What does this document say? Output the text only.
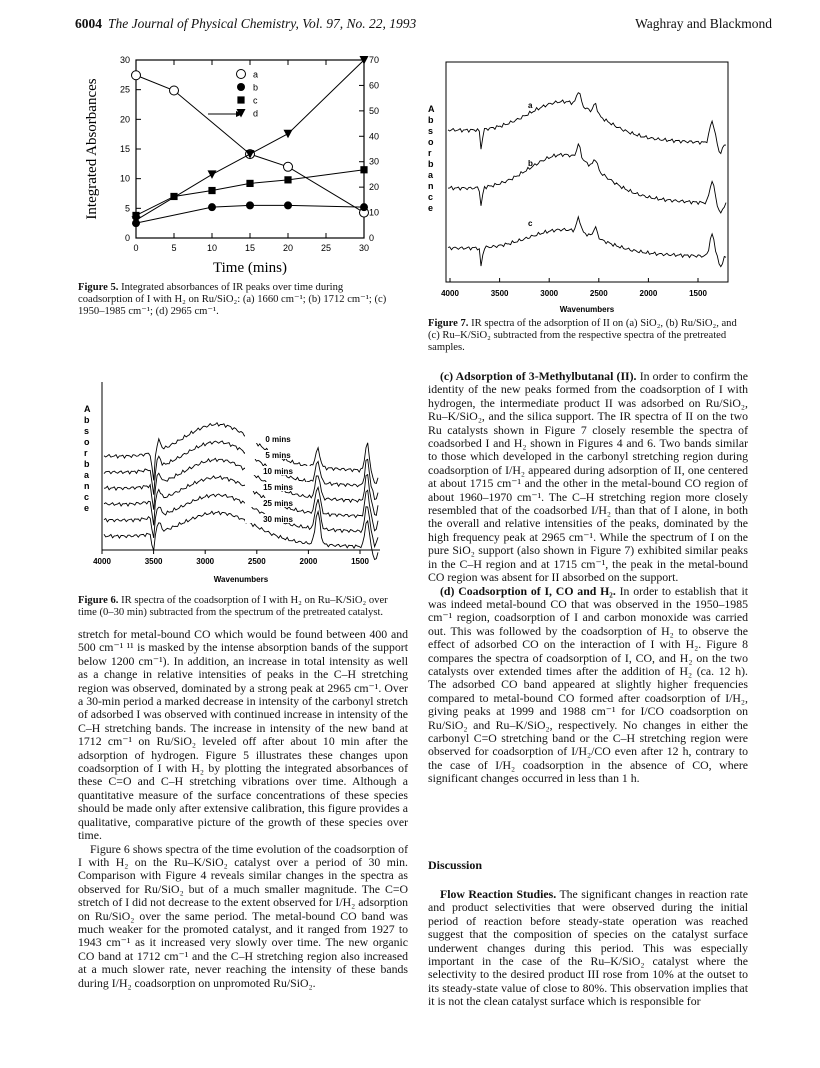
6004 The Journal of Physical Chemistry, Vol. 97, No. 22, 1993	Waghray and Blackmond
0	5	10	15	20	25	30
0
5
10
15
20
25
30
0
10
20
30
40
50
60
70
Time (mins)
Integrated Absorbances
a
b
c
d
Figure 5. Integrated absorbances of IR peaks over time during coadsorption of I with H₂ on Ru/SiO₂: (a) 1660 cm⁻¹; (b) 1712 cm⁻¹; (c) 1950–1985 cm⁻¹; (d) 2965 cm⁻¹.
A
b
s
o
r
b
a
n
c
e
4000	3500	3000	2500	2000	1500
Wavenumbers
0 mins
5 mins
10 mins
15 mins
25 mins
30 mins
Figure 6. IR spectra of the coadsorption of I with H₂ on Ru–K/SiO₂ over time (0–30 min) subtracted from the spectrum of the pretreated catalyst.

stretch for metal-bound CO which would be found between 400 and 500 cm⁻¹ ¹¹ is masked by the intense absorption bands of the support below 1200 cm⁻¹). In addition, an increase in total intensity as well as a change in relative intensities of peaks in the C–H stretching region was observed, dominated by a strong peak at 2965 cm⁻¹. Over a 30-min period a marked decrease in intensity of the carbonyl stretch of adsorbed I was observed with continued increase in intensity of the C–H stretching bands. The increase in intensity of the new band at 1712 cm⁻¹ on Ru/SiO₂ leveled off after about 10 min after the adsorption of hydrogen. Figure 5 illustrates these changes upon coadsorption of I with H₂ by plotting the integrated absorbances of these C=O and C–H stretching vibrations over time. Although a quantitative measure of the surface concentrations of these species should be made only after extensive calibration, this figure provides a qualitative, comparative picture of the growth of these species over time.

Figure 6 shows spectra of the time evolution of the coadsorption of I with H₂ on the Ru–K/SiO₂ catalyst over a period of 30 min. Comparison with Figure 4 reveals similar changes in the spectra as observed for Ru/SiO₂ but of a much smaller magnitude. The C=O stretch of I did not decrease to the extent observed for I/H₂ adsorption on Ru/SiO₂ over the same period. The metal-bound CO band was much weaker for the promoted catalyst, and it ranged from 1927 to 1943 cm⁻¹ as it increased very slowly over time. The new organic CO band at 1712 cm⁻¹ and the C–H stretching region also increased at a much slower rate, never reaching the intensity of these bands during I/H₂ coadsorption on unpromoted Ru/SiO₂.

A
b
s
o
r
b
a
n
c
e
4000	3500	3000	2500	2000	1500
Wavenumbers
a
b
c
Figure 7. IR spectra of the adsorption of II on (a) SiO₂, (b) Ru/SiO₂, and (c) Ru–K/SiO₂ subtracted from the respective spectra of the pretreated samples.

(c) Adsorption of 3-Methylbutanal (II). In order to confirm the identity of the new peaks formed from the coadsorption of I with hydrogen, the intermediate product II was adsorbed on Ru/SiO₂, Ru–K/SiO₂, and the silica support. The IR spectra of II on the two Ru catalysts shown in Figure 7 closely resemble the spectra of coadsorbed I and H₂ shown in Figures 4 and 6. Two bands similar to those which developed in the carbonyl stretching region during coadsorption of I/H₂ appeared during adsorption of II, one centered at about 1715 cm⁻¹ and the other in the metal-bound CO region of about 1960–1970 cm⁻¹. The C–H stretching region more closely resembled that of the coadsorbed I/H₂ than that of I alone, in both the overall and relative intensities of the peaks, dominated by the high frequency peak at 2965 cm⁻¹. While the spectrum of I on the pure SiO₂ support (also shown in Figure 7) exhibited similar peaks in the C–H region and at 1715 cm⁻¹, the peak in the metal-bound CO region was absent for II absorbed on the support.

(d) Coadsorption of I, CO and H₂. In order to establish that it was indeed metal-bound CO that was observed in the 1950–1985 cm⁻¹ region, coadsorption of I and carbon monoxide was carried out. This was followed by the coadsorption of H₂ to observe the effect of adsorbed CO on the interaction of I with H₂. Figure 8 compares the spectra of coadsorption of I, CO, and H₂ on the two catalysts over extended times after the addition of H₂ (ca. 12 h). The adsorbed CO band appeared at slightly higher frequencies compared to metal-bound CO formed after coadsorption of I/H₂, giving peaks at 1999 and 1988 cm⁻¹ for I/CO coadsorption on Ru/SiO₂ and Ru–K/SiO₂, respectively. No changes in either the carbonyl C=O stretching band or the C–H stretching region were observed for coadsorption of I/H₂/CO even after 12 h, contrary to the case of I/H₂ coadsorption in the absence of CO, where significant changes occurred in less than 1 h.

Discussion

Flow Reaction Studies. The significant changes in reaction rate and product selectivities that were observed during the initial period of reaction before steady-state operation was reached suggest that the composition of species on the catalyst surface underwent changes during this period. This was especially important in the case of the Ru–K/SiO₂ catalyst where the selectivity to the desired product III rose from 10% at the outset to its steady-state value of close to 80%. This observation implies that it is not the clean catalyst surface which is responsible for
